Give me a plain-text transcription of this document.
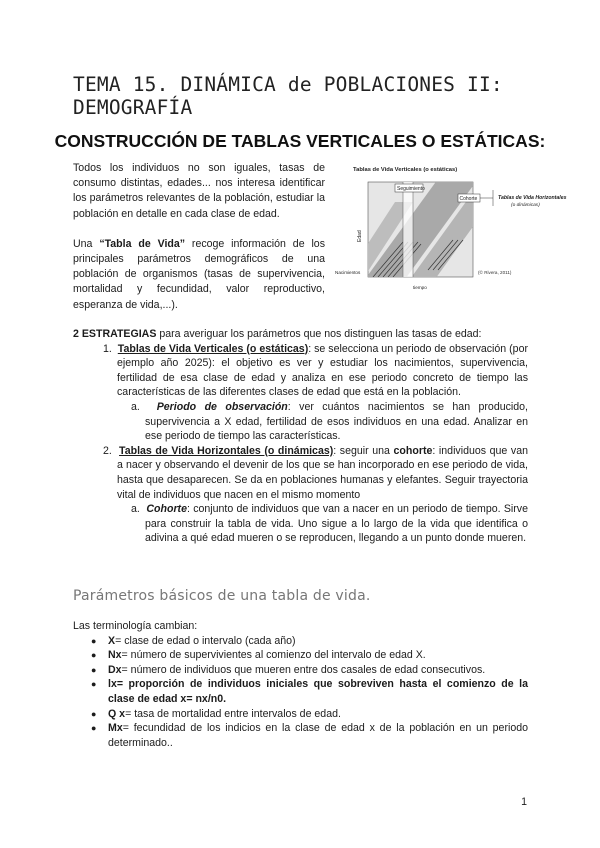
TEMA 15. DINÁMICA de POBLACIONES II: DEMOGRAFÍA
CONSTRUCCIÓN DE TABLAS VERTICALES O ESTÁTICAS:

Todos los individuos no son iguales, tasas de consumo distintas, edades... nos interesa identificar los parámetros relevantes de la población, estudiar la población en detalle en cada clase de edad.

Una “Tabla de Vida” recoge información de los principales parámetros demográficos de una población de organismos (tasas de supervivencia, mortalidad y fecundidad, valor reproductivo, esperanza de vida,...).

Tablas de Vida Verticales (o estáticas)
Seguimiento
Cohorte	Tablas de Vida Horizontales
(o dinámicas)
Edad
Nacimientos
tiempo
(© Rivera, 2011)

2 ESTRATEGIAS para averiguar los parámetros que nos distinguen las tasas de edad:

1. Tablas de Vida Verticales (o estáticas): se selecciona un periodo de observación (por ejemplo año 2025): el objetivo es ver y estudiar los nacimientos, supervivencia, fertilidad de esa clase de edad y analiza en ese periodo concreto de tiempo las características de las diferentes clases de edad que está en la población.

a. Periodo de observación: ver cuántos nacimientos se han producido, supervivencia a X edad, fertilidad de esos individuos en una edad. Analizar en ese periodo de tiempo las características.

2. Tablas de Vida Horizontales (o dinámicas): seguir una cohorte: individuos que van a nacer y observando el devenir de los que se han incorporado en ese periodo de vida, hasta que desaparecen. Se da en poblaciones humanas y elefantes. Seguir trayectoria vital de individuos que nacen en el mismo momento

a. Cohorte: conjunto de individuos que van a nacer en un periodo de tiempo. Sirve para construir la tabla de vida. Uno sigue a lo largo de la vida que identifica o adivina a qué edad mueren o se reproducen, llegando a un punto donde mueren.

Parámetros básicos de una tabla de vida.

Las terminología cambian:

● X= clase de edad o intervalo (cada año)
● Nx= número de supervivientes al comienzo del intervalo de edad X.
● Dx= número de individuos que mueren entre dos casales de edad consecutivos.
● lx= proporción de individuos iniciales que sobreviven hasta el comienzo de la clase de edad x= nx/n0.
● Q x= tasa de mortalidad entre intervalos de edad.
● Mx= fecundidad de los indicios en la clase de edad x de la población en un periodo determinado..

1
